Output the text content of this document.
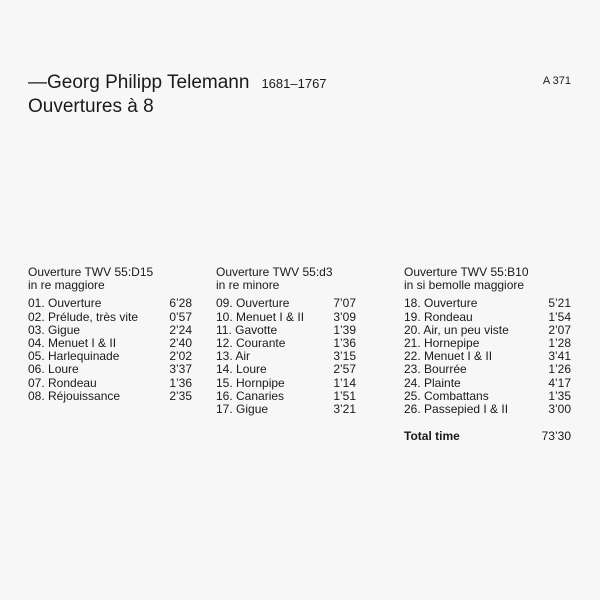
— Georg Philipp Telemann 1681–1767
Ouvertures à 8
A 371
Ouverture TWV 55:D15
in re maggiore
01. Ouverture	6’28
02. Prélude, très vite	0’57
03. Gigue	2’24
04. Menuet I & II	2’40
05. Harlequinade	2’02
06. Loure	3’37
07. Rondeau	1’36
08. Réjouissance	2’35
Ouverture TWV 55:d3
in re minore
09. Ouverture	7’07
10. Menuet I & II 3’09
11. Gavotte	1’39
12. Courante	1’36
13. Air	3’15
14. Loure	2’57
15. Hornpipe	1’14
16. Canaries	1’51
17. Gigue	3’21
Ouverture TWV 55:B10
in si bemolle maggiore
18. Ouverture	5’21
19. Rondeau	1’54
20. Air, un peu viste	2’07
21. Hornepipe	1’28
22. Menuet I & II	3’41
23. Bourrée	1’26
24. Plainte	4’17
25. Combattans	1’35
26. Passepied I & II	3’00
Total time	73’30
